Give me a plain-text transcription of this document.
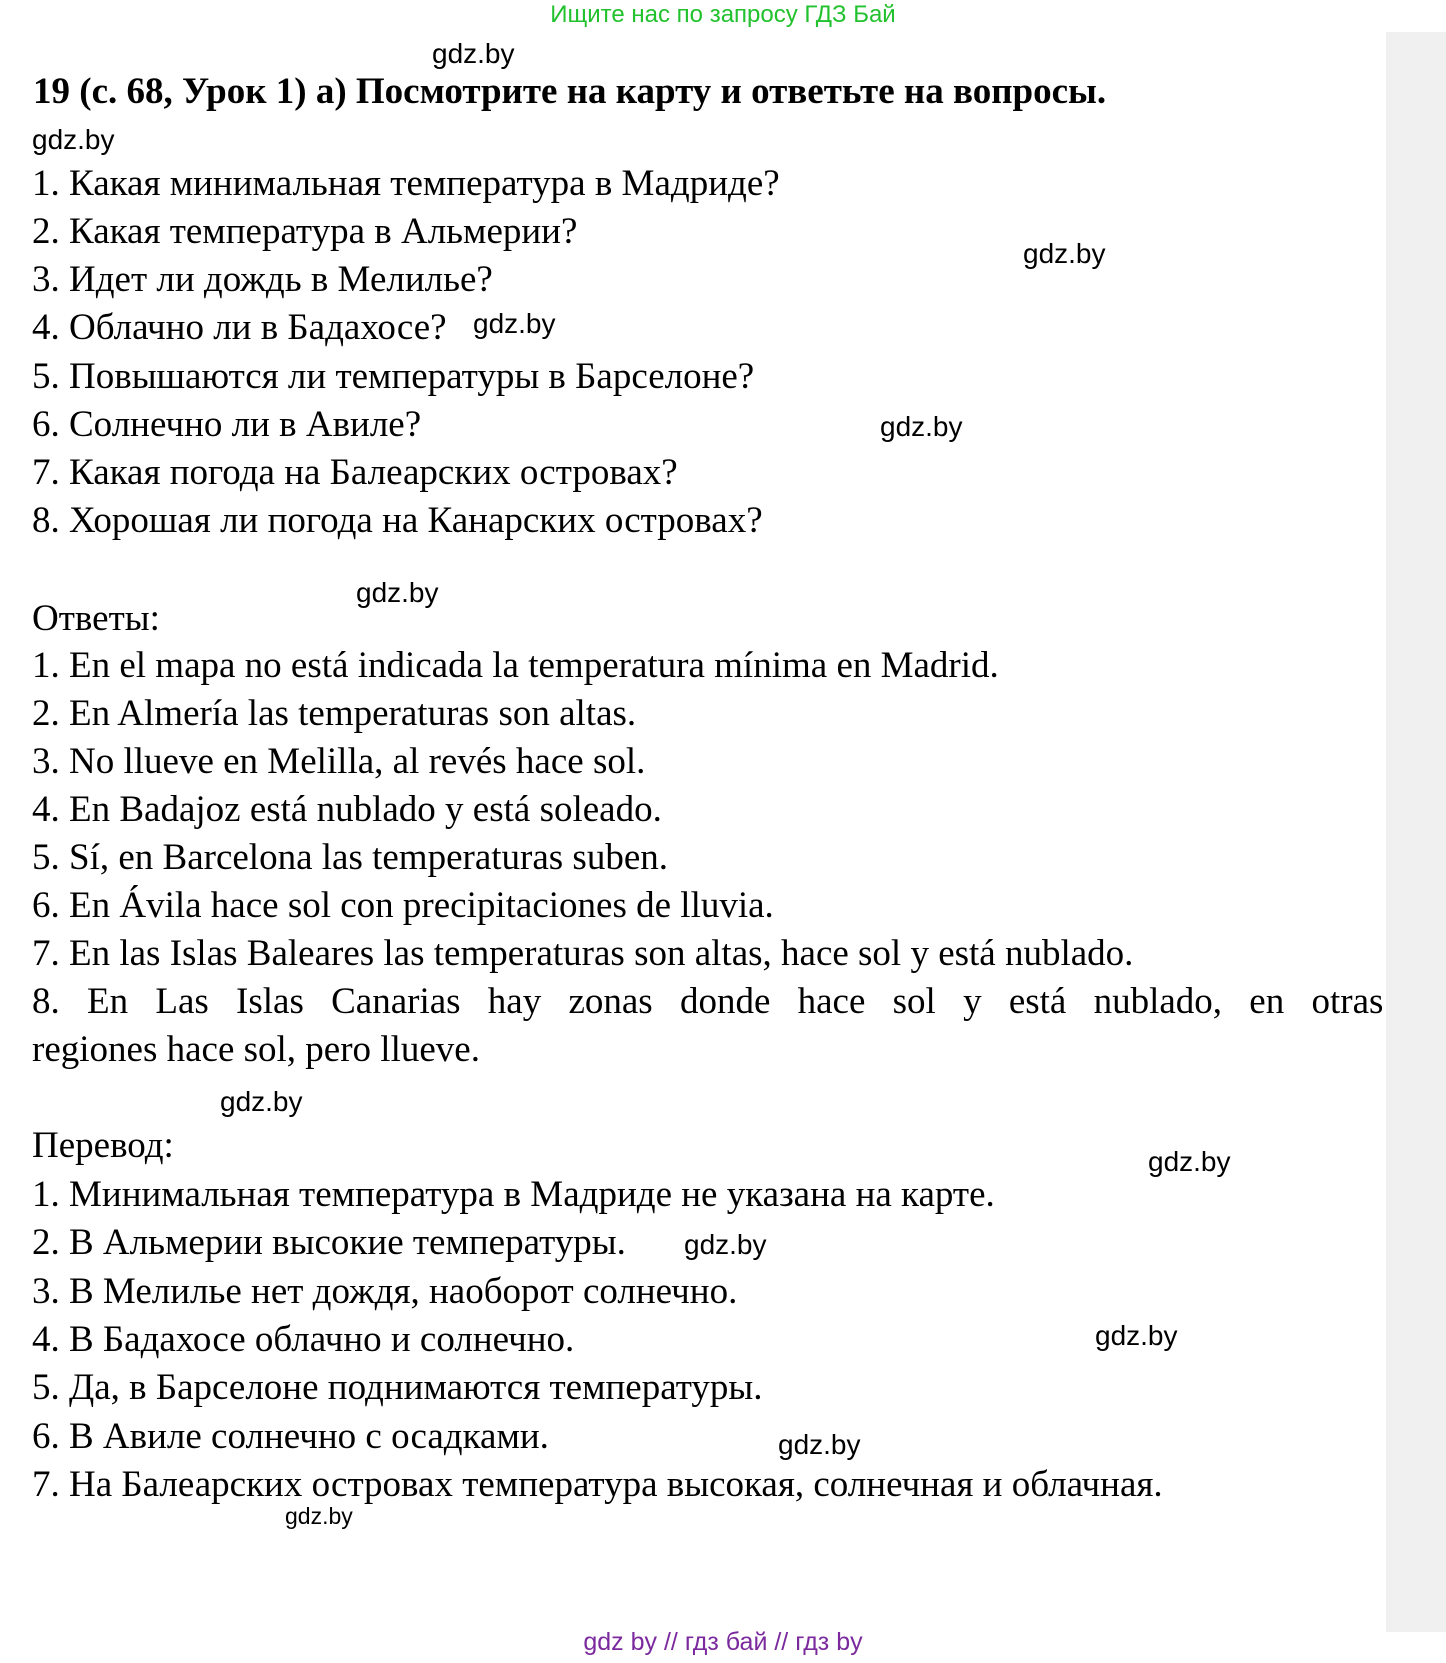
Ищите нас по запросу ГДЗ Бай
gdz.by
19 (с. 68, Урок 1) a) Посмотрите на карту и ответьте на вопросы.
gdz.by
1. Какая минимальная температура в Мадриде?
2. Какая температура в Альмерии?
gdz.by
3. Идет ли дождь в Мелилье?
4. Облачно ли в Бадахосе? gdz.by
5. Повышаются ли температуры в Барселоне?
6. Солнечно ли в Авиле?	gdz.by
7. Какая погода на Балеарских островах?
8. Хорошая ли погода на Канарских островах?
gdz.by
Ответы:
1. En el mapa no está indicada la temperatura mínima en Madrid.
2. En Almería las temperaturas son altas.
3. No llueve en Melilla, al revés hace sol.
4. En Badajoz está nublado y está soleado.
5. Sí, en Barcelona las temperaturas suben.
6. En Ávila hace sol con precipitaciones de lluvia.
7. En las Islas Baleares las temperaturas son altas, hace sol y está nublado.
8. En Las Islas Canarias hay zonas donde hace sol y está nublado, en otras
regiones hace sol, pero llueve.
gdz.by
Перевод:	gdz.by
1. Минимальная температура в Мадриде не указана на карте.
2. В Альмерии высокие температуры. gdz.by
3. В Мелилье нет дождя, наоборот солнечно.
4. В Бадахосе облачно и солнечно.	gdz.by
5. Да, в Барселоне поднимаются температуры.
6. В Авиле солнечно с осадками.	gdz.by
7. На Балеарских островах температура высокая, солнечная и облачная.
gdz.by
gdz by // гдз бай // гдз by
